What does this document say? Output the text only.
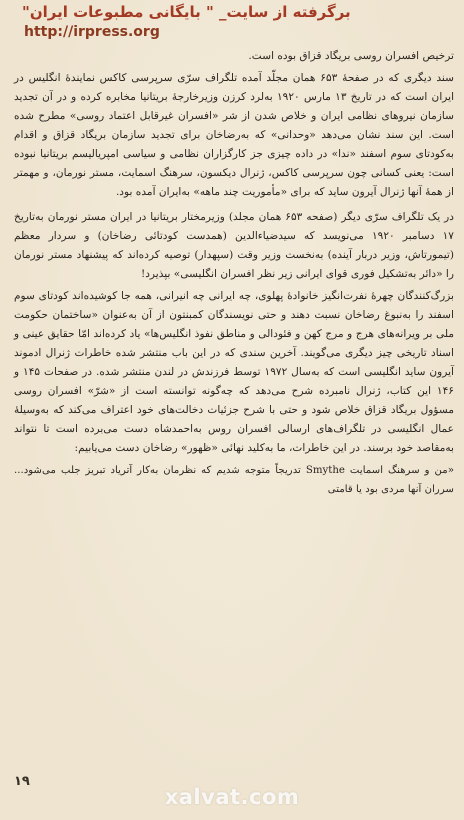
برگرفته از سایت_ " بایگانی مطبوعات ایران"
http://irpress.org

ترخیص افسران روسی بریگاد قزاق بوده است.

سند دیگری که در صفحهٔ ۶۵۳ همان مجلّد آمده تلگراف سرّی سرپرسی کاکس نمایندهٔ انگلیس در ایران است که در تاریخ ۱۳ مارس ۱۹۲۰ به‌لرد کرزن وزیرخارجهٔ بریتانیا مخابره کرده و در آن تجدید سازمان نیروهای نظامی ایران و خلاص شدن از شر «افسران غیرقابل اعتماد روسی» مطرح شده است. این سند نشان می‌دهد «وحدانی» که به‌رضاخان برای تجدید سازمان بریگاد قزاق و اقدام به‌کودتای سوم اسفند «ندا» در داده چیزی جز کارگزاران نظامی و سیاسی امپریالیسم بریتانیا نبوده است: یعنی کسانی چون سرپرسی کاکس، ژنرال دیکسون، سرهنگ اسمایت، مستر نورمان، و مهمتر از همهٔ آنها ژنرال آیرون ساید که برای «مأموریت چند ماهه» به‌ایران آمده بود.

در یک تلگراف سرّی دیگر (صفحه ۶۵۳ همان مجلد) وزیرمختار بریتانیا در ایران مستر نورمان به‌تاریخ ۱۷ دسامبر ۱۹۲۰ می‌نویسد که سیدضیاءالدین (همدست کودتائی رضاخان) و سردار معظم (تیمورتاش، وزیر دربار آینده) به‌نخست وزیر وقت (سپهدار) توصیه کرده‌اند که پیشنهاد مستر نورمان را «دائر به‌تشکیل فوری قوای ایرانی زیر نظر افسران انگلیسی» بپذیرد!

بزرگ‌کنندگان چهرهٔ نفرت‌انگیز خانوادهٔ پهلوی، چه ایرانی چه انیرانی، همه جا کوشیده‌اند کودتای سوم اسفند را به‌نبوغ رضاخان نسبت دهند و حتی نویسندگان کمبنتون از آن به‌عنوان «ساختمان حکومت ملی بر ویرانه‌های هرج و مرج کهن و فئودالی و مناطق نفوذ انگلیس‌ها» یاد کرده‌اند امّا حقایق عینی و اسناد تاریخی چیز دیگری می‌گویند. آخرین سندی که در این باب منتشر شده خاطرات ژنرال ادموند آیرون ساید انگلیسی است که به‌سال ۱۹۷۲ توسط فرزندش در لندن منتشر شده. در صفحات ۱۴۵ و ۱۴۶ این کتاب، ژنرال نامبرده شرح می‌دهد که چه‌گونه توانسته است از «شرّ» افسران روسی مسؤول بریگاد قزاق خلاص شود و حتی با شرح جزئیات دخالت‌های خود اعتراف می‌کند که به‌وسیلهٔ عمال انگلیسی در تلگراف‌های ارسالی افسران روس به‌احمدشاه دست می‌برده است تا نتواند به‌مقاصد خود برسند. در این خاطرات، ما به‌کلید نهائی «ظهور» رضاخان دست می‌یابیم:

«من و سرهنگ اسمایت Smythe تدریجاً متوجه شدیم که نظرمان به‌کار آتریاد تبریز جلب می‌شود... سرران آنها مردی بود یا قامتی

۱۹
xalvat.com
